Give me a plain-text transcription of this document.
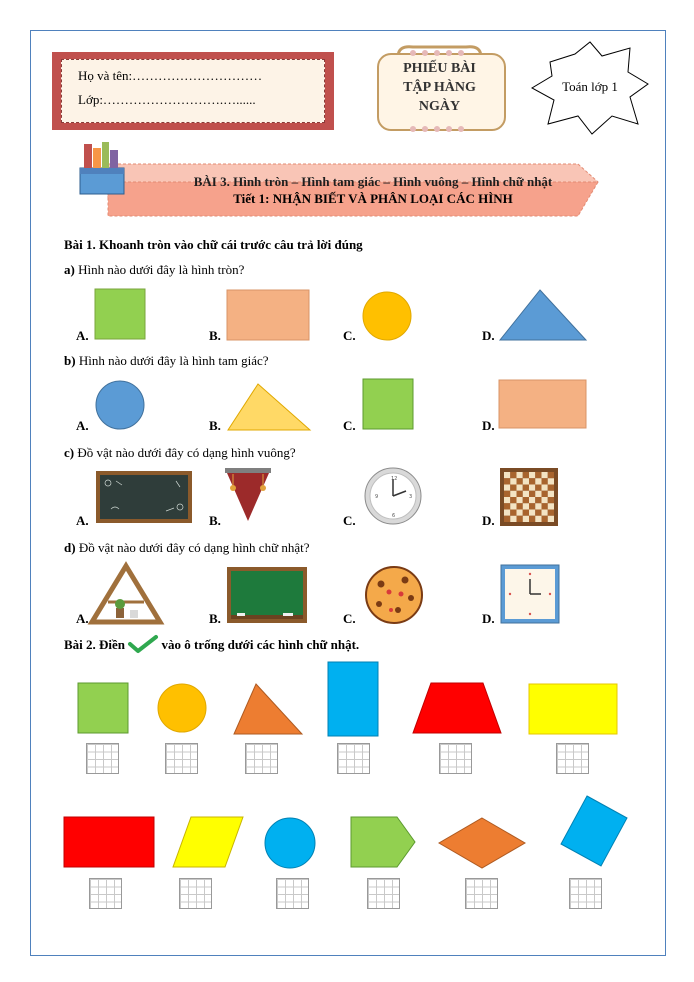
Họ và tên:…………………………
Lớp:……………………….…......
PHIẾU BÀI
TẬP HÀNG
NGÀY
Toán lớp 1
BÀI 3. Hình tròn – Hình tam giác – Hình vuông – Hình chữ nhật
Tiết 1: NHẬN BIẾT VÀ PHÂN LOẠI CÁC HÌNH
Bài 1. Khoanh tròn vào chữ cái trước câu trả lời đúng
a) Hình nào dưới đây là hình tròn?
A.	B.	C.	D.
b) Hình nào dưới đây là hình tam giác?
A.	B.	C.	D.
c) Đồ vật nào dưới đây có dạng hình vuông?
A.	B.	C.	D.
12
3
6
9
d) Đồ vật nào dưới đây có dạng hình chữ nhật?
A.	B.	C.	D.
Bài 2. Điền	vào ô trống dưới các hình chữ nhật.
